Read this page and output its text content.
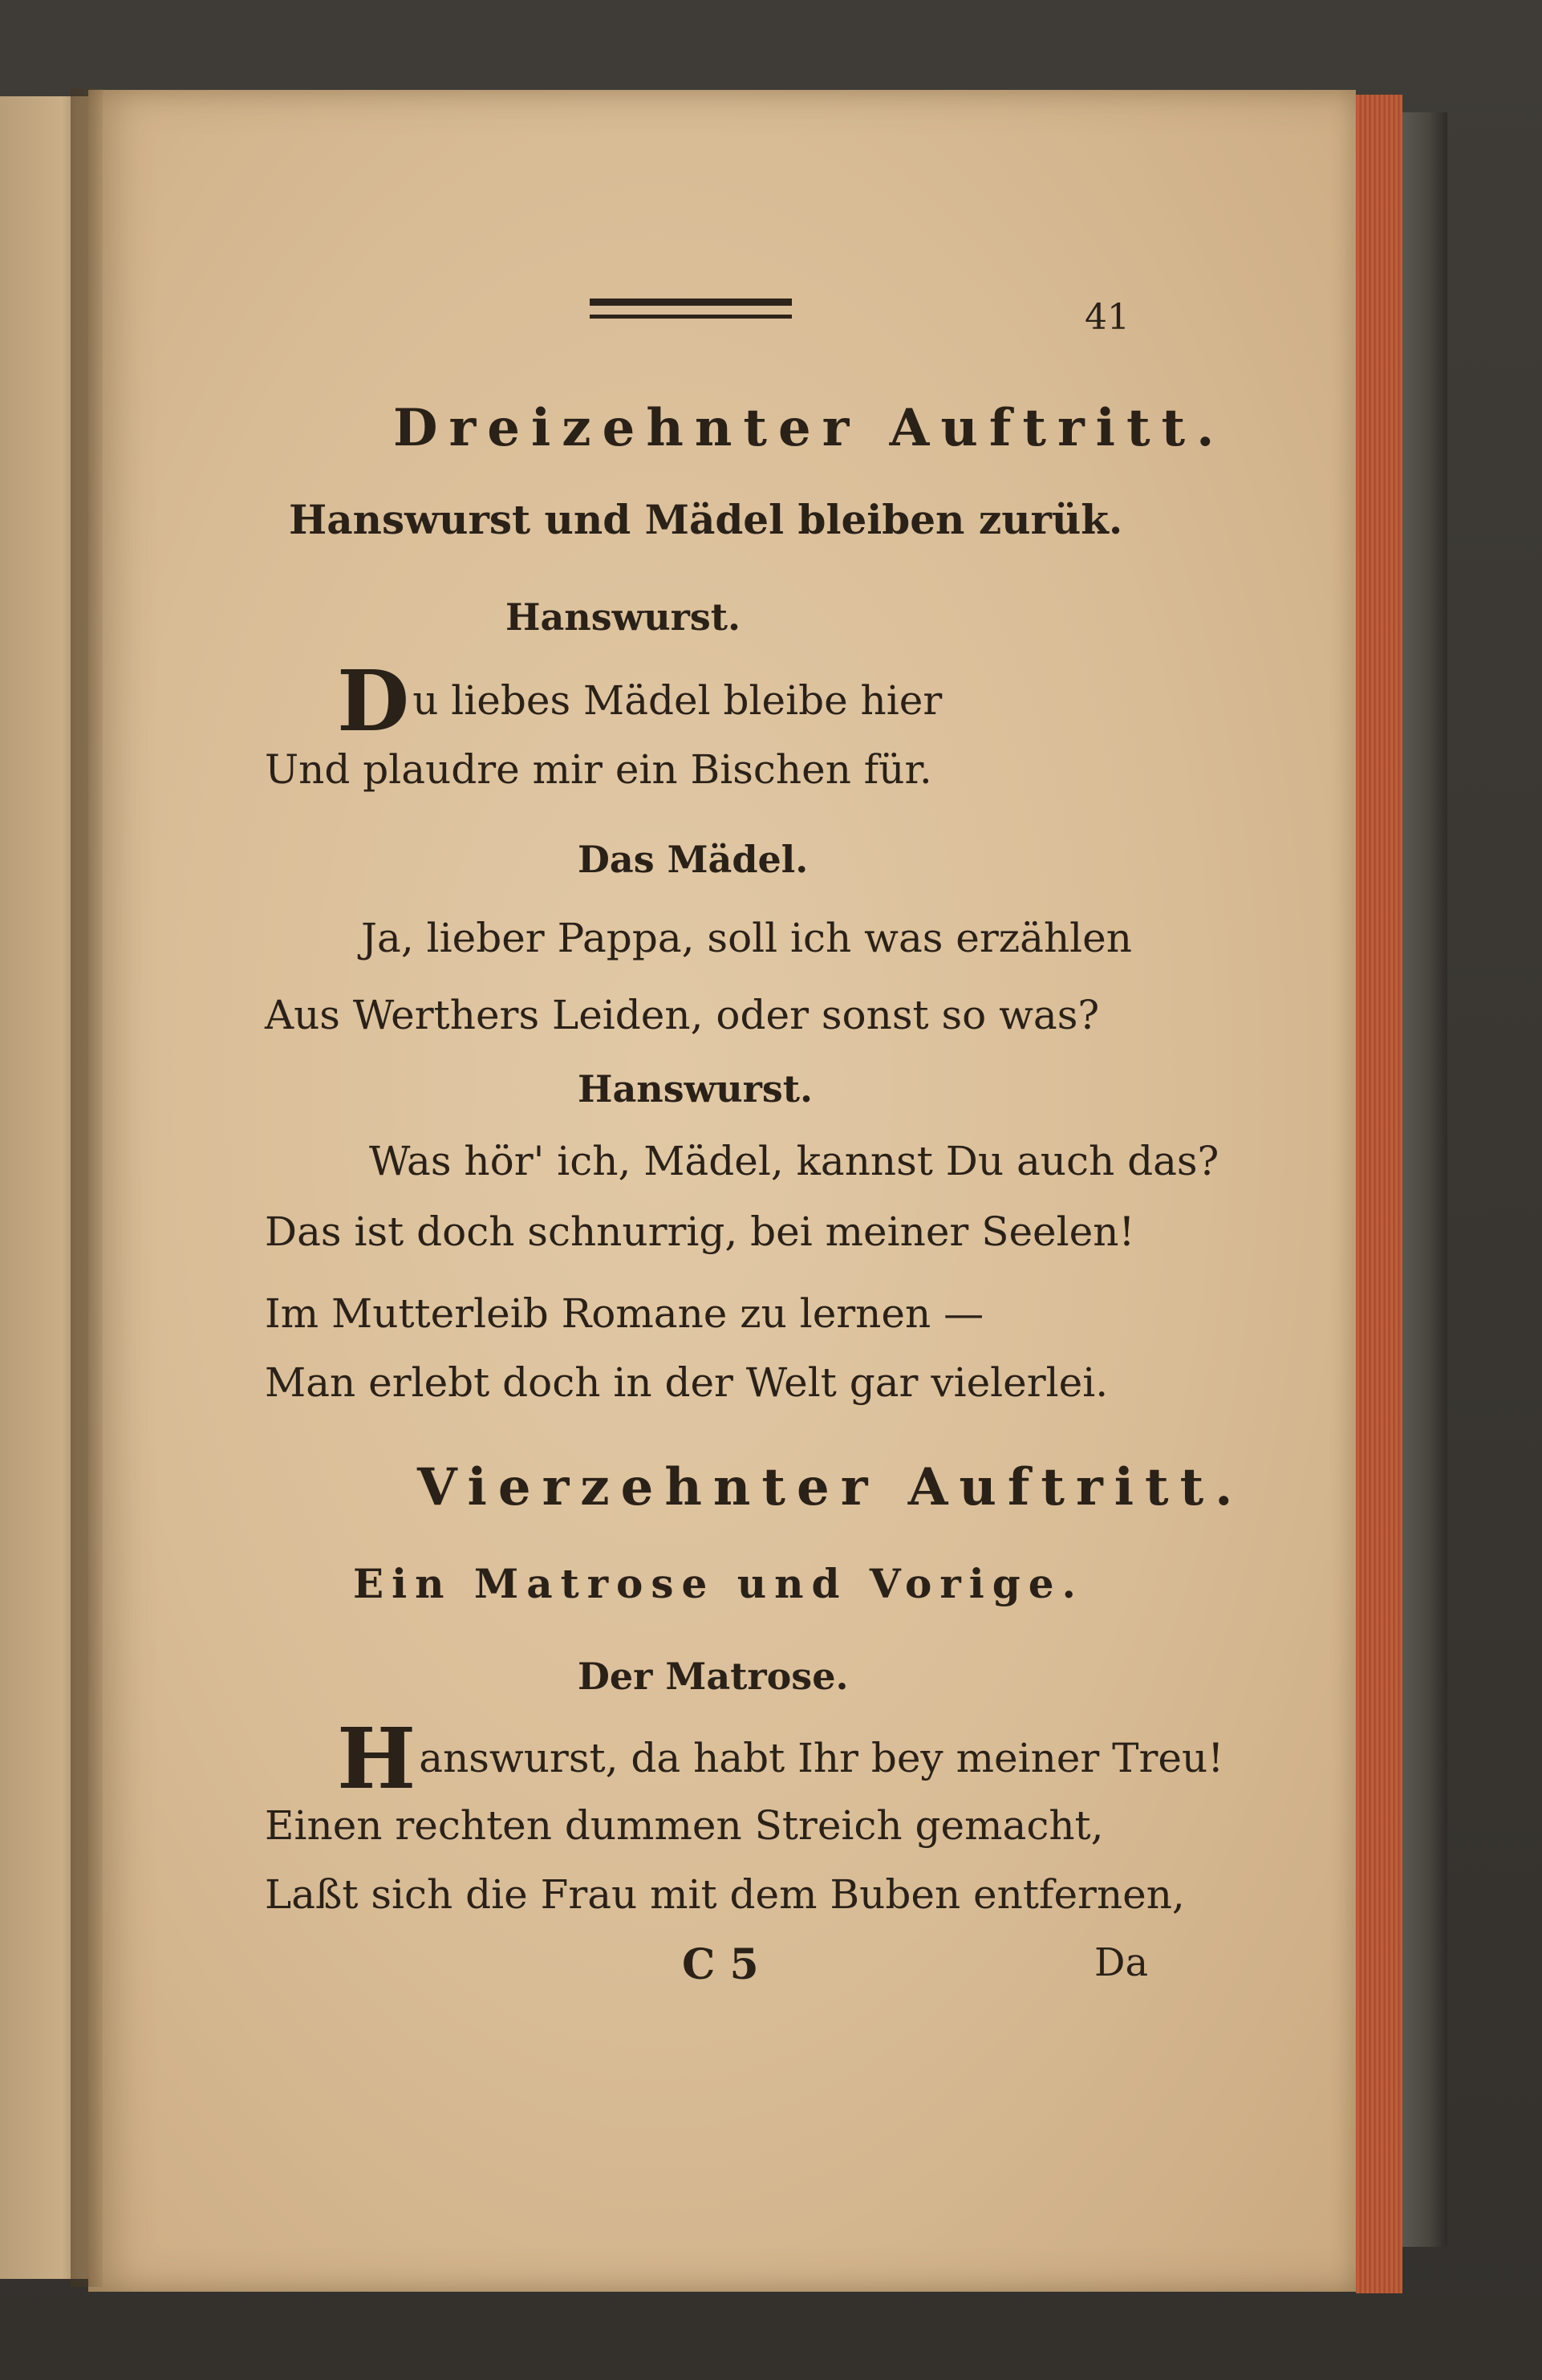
41
Dreizehnter Auftritt.
Hanswurst und Mädel bleiben zurük.
Hanswurst.
Du liebes Mädel bleibe hier
Und plaudre mir ein Bischen für.
Das Mädel.
Ja, lieber Pappa, soll ich was erzählen
Aus Werthers Leiden, oder sonst so was?
Hanswurst.
Was hör' ich, Mädel, kannst Du auch das?
Das ist doch schnurrig, bei meiner Seelen!
Im Mutterleib Romane zu lernen —
Man erlebt doch in der Welt gar vielerlei.
Vierzehnter Auftritt.
Ein Matrose und Vorige.
Der Matrose.
Hanswurst, da habt Ihr bey meiner Treu!
Einen rechten dummen Streich gemacht,
Laßt sich die Frau mit dem Buben entfernen,
C 5	Da
